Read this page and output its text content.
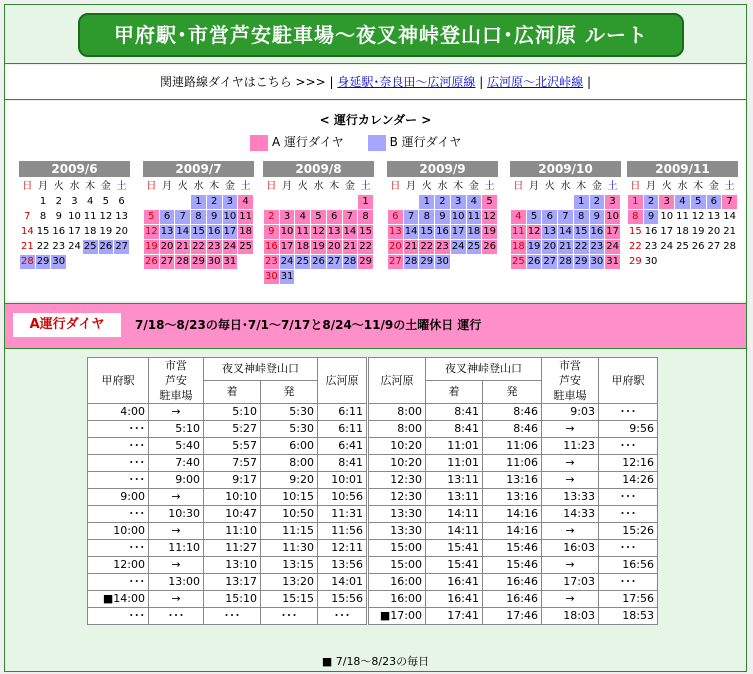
甲府駅･市営芦安駐車場～夜叉神峠登山口･広河原 ルート
関連路線ダイヤはこちら >>> | 身延駅･奈良田～広河原線 | 広河原～北沢峠線 |
< 運行カレンダー >
A 運行ダイヤ	B 運行ダイヤ
2009/6
日	月	火	水	木	金	土
	1	2	3	4	5	6
7	8	9	10	11	12	13
14	15	16	17	18	19	20
21	22	23	24	25	26	27
28	29	30				
2009/7
日	月	火	水	木	金	土
			1	2	3	4
5	6	7	8	9	10	11
12	13	14	15	16	17	18
19	20	21	22	23	24	25
26	27	28	29	30	31	
2009/8
日	月	火	水	木	金	土
						1
2	3	4	5	6	7	8
9	10	11	12	13	14	15
16	17	18	19	20	21	22
23	24	25	26	27	28	29
30	31					
2009/9
日	月	火	水	木	金	土
		1	2	3	4	5
6	7	8	9	10	11	12
13	14	15	16	17	18	19
20	21	22	23	24	25	26
27	28	29	30			
2009/10
日	月	火	水	木	金	土
				1	2	3
4	5	6	7	8	9	10
11	12	13	14	15	16	17
18	19	20	21	22	23	24
25	26	27	28	29	30	31
2009/11
日	月	火	水	木	金	土
1	2	3	4	5	6	7
8	9	10	11	12	13	14
15	16	17	18	19	20	21
22	23	24	25	26	27	28
29	30					
A運行ダイヤ	7/18～8/23の毎日･7/1～7/17と8/24～11/9の土曜休日 運行
甲府駅	市営
芦安
駐車場	夜叉神峠登山口		広河原	広河原	夜叉神峠登山口		市営
芦安
駐車場	甲府駅
		着	発			着	発		
4:00	→	5:10	5:30	6:11	8:00	8:41	8:46	9:03	･･･
･･･	5:10	5:27	5:30	6:11	8:00	8:41	8:46	→	9:56
･･･	5:40	5:57	6:00	6:41	10:20	11:01	11:06	11:23	･･･
･･･	7:40	7:57	8:00	8:41	10:20	11:01	11:06	→	12:16
･･･	9:00	9:17	9:20	10:01	12:30	13:11	13:16	→	14:26
9:00	→	10:10	10:15	10:56	12:30	13:11	13:16	13:33	･･･
･･･	10:30	10:47	10:50	11:31	13:30	14:11	14:16	14:33	･･･
10:00	→	11:10	11:15	11:56	13:30	14:11	14:16	→	15:26
･･･	11:10	11:27	11:30	12:11	15:00	15:41	15:46	16:03	･･･
12:00	→	13:10	13:15	13:56	15:00	15:41	15:46	→	16:56
･･･	13:00	13:17	13:20	14:01	16:00	16:41	16:46	17:03	･･･
■14:00	→	15:10	15:15	15:56	16:00	16:41	16:46	→	17:56
･･･	･･･	･･･	･･･	･･･	■17:00	17:41	17:46	18:03	18:53
■ 7/18～8/23の毎日
